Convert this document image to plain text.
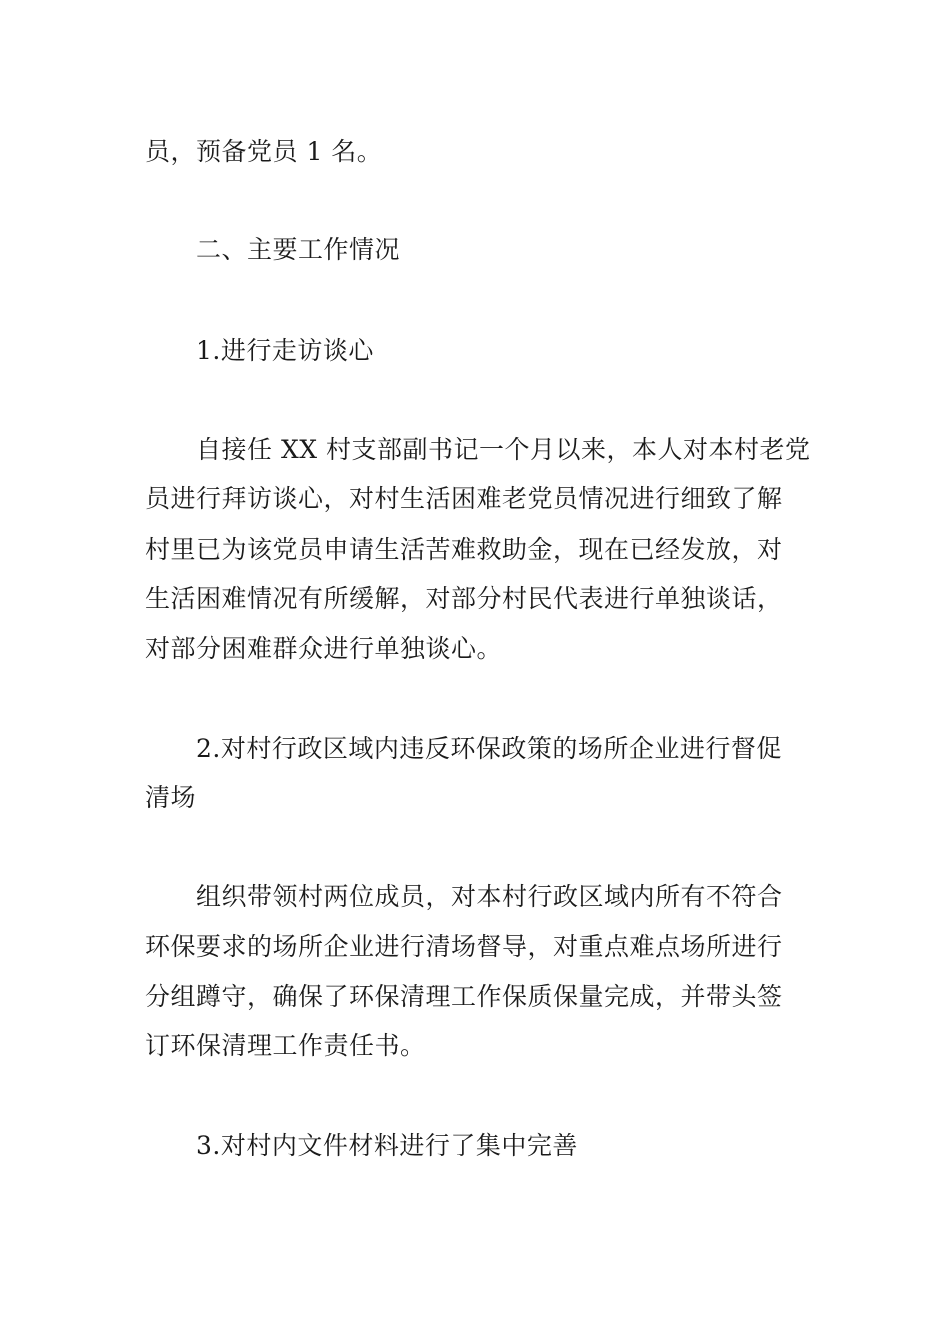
员，预备党员 1 名。
二、主要工作情况
1.进行走访谈心
自接任 XX 村支部副书记一个月以来，本人对本村老党
员进行拜访谈心，对村生活困难老党员情况进行细致了解
村里已为该党员申请生活苦难救助金，现在已经发放，对
生活困难情况有所缓解，对部分村民代表进行单独谈话，
对部分困难群众进行单独谈心。
2.对村行政区域内违反环保政策的场所企业进行督促
清场
组织带领村两位成员，对本村行政区域内所有不符合
环保要求的场所企业进行清场督导，对重点难点场所进行
分组蹲守，确保了环保清理工作保质保量完成，并带头签
订环保清理工作责任书。
3.对村内文件材料进行了集中完善
